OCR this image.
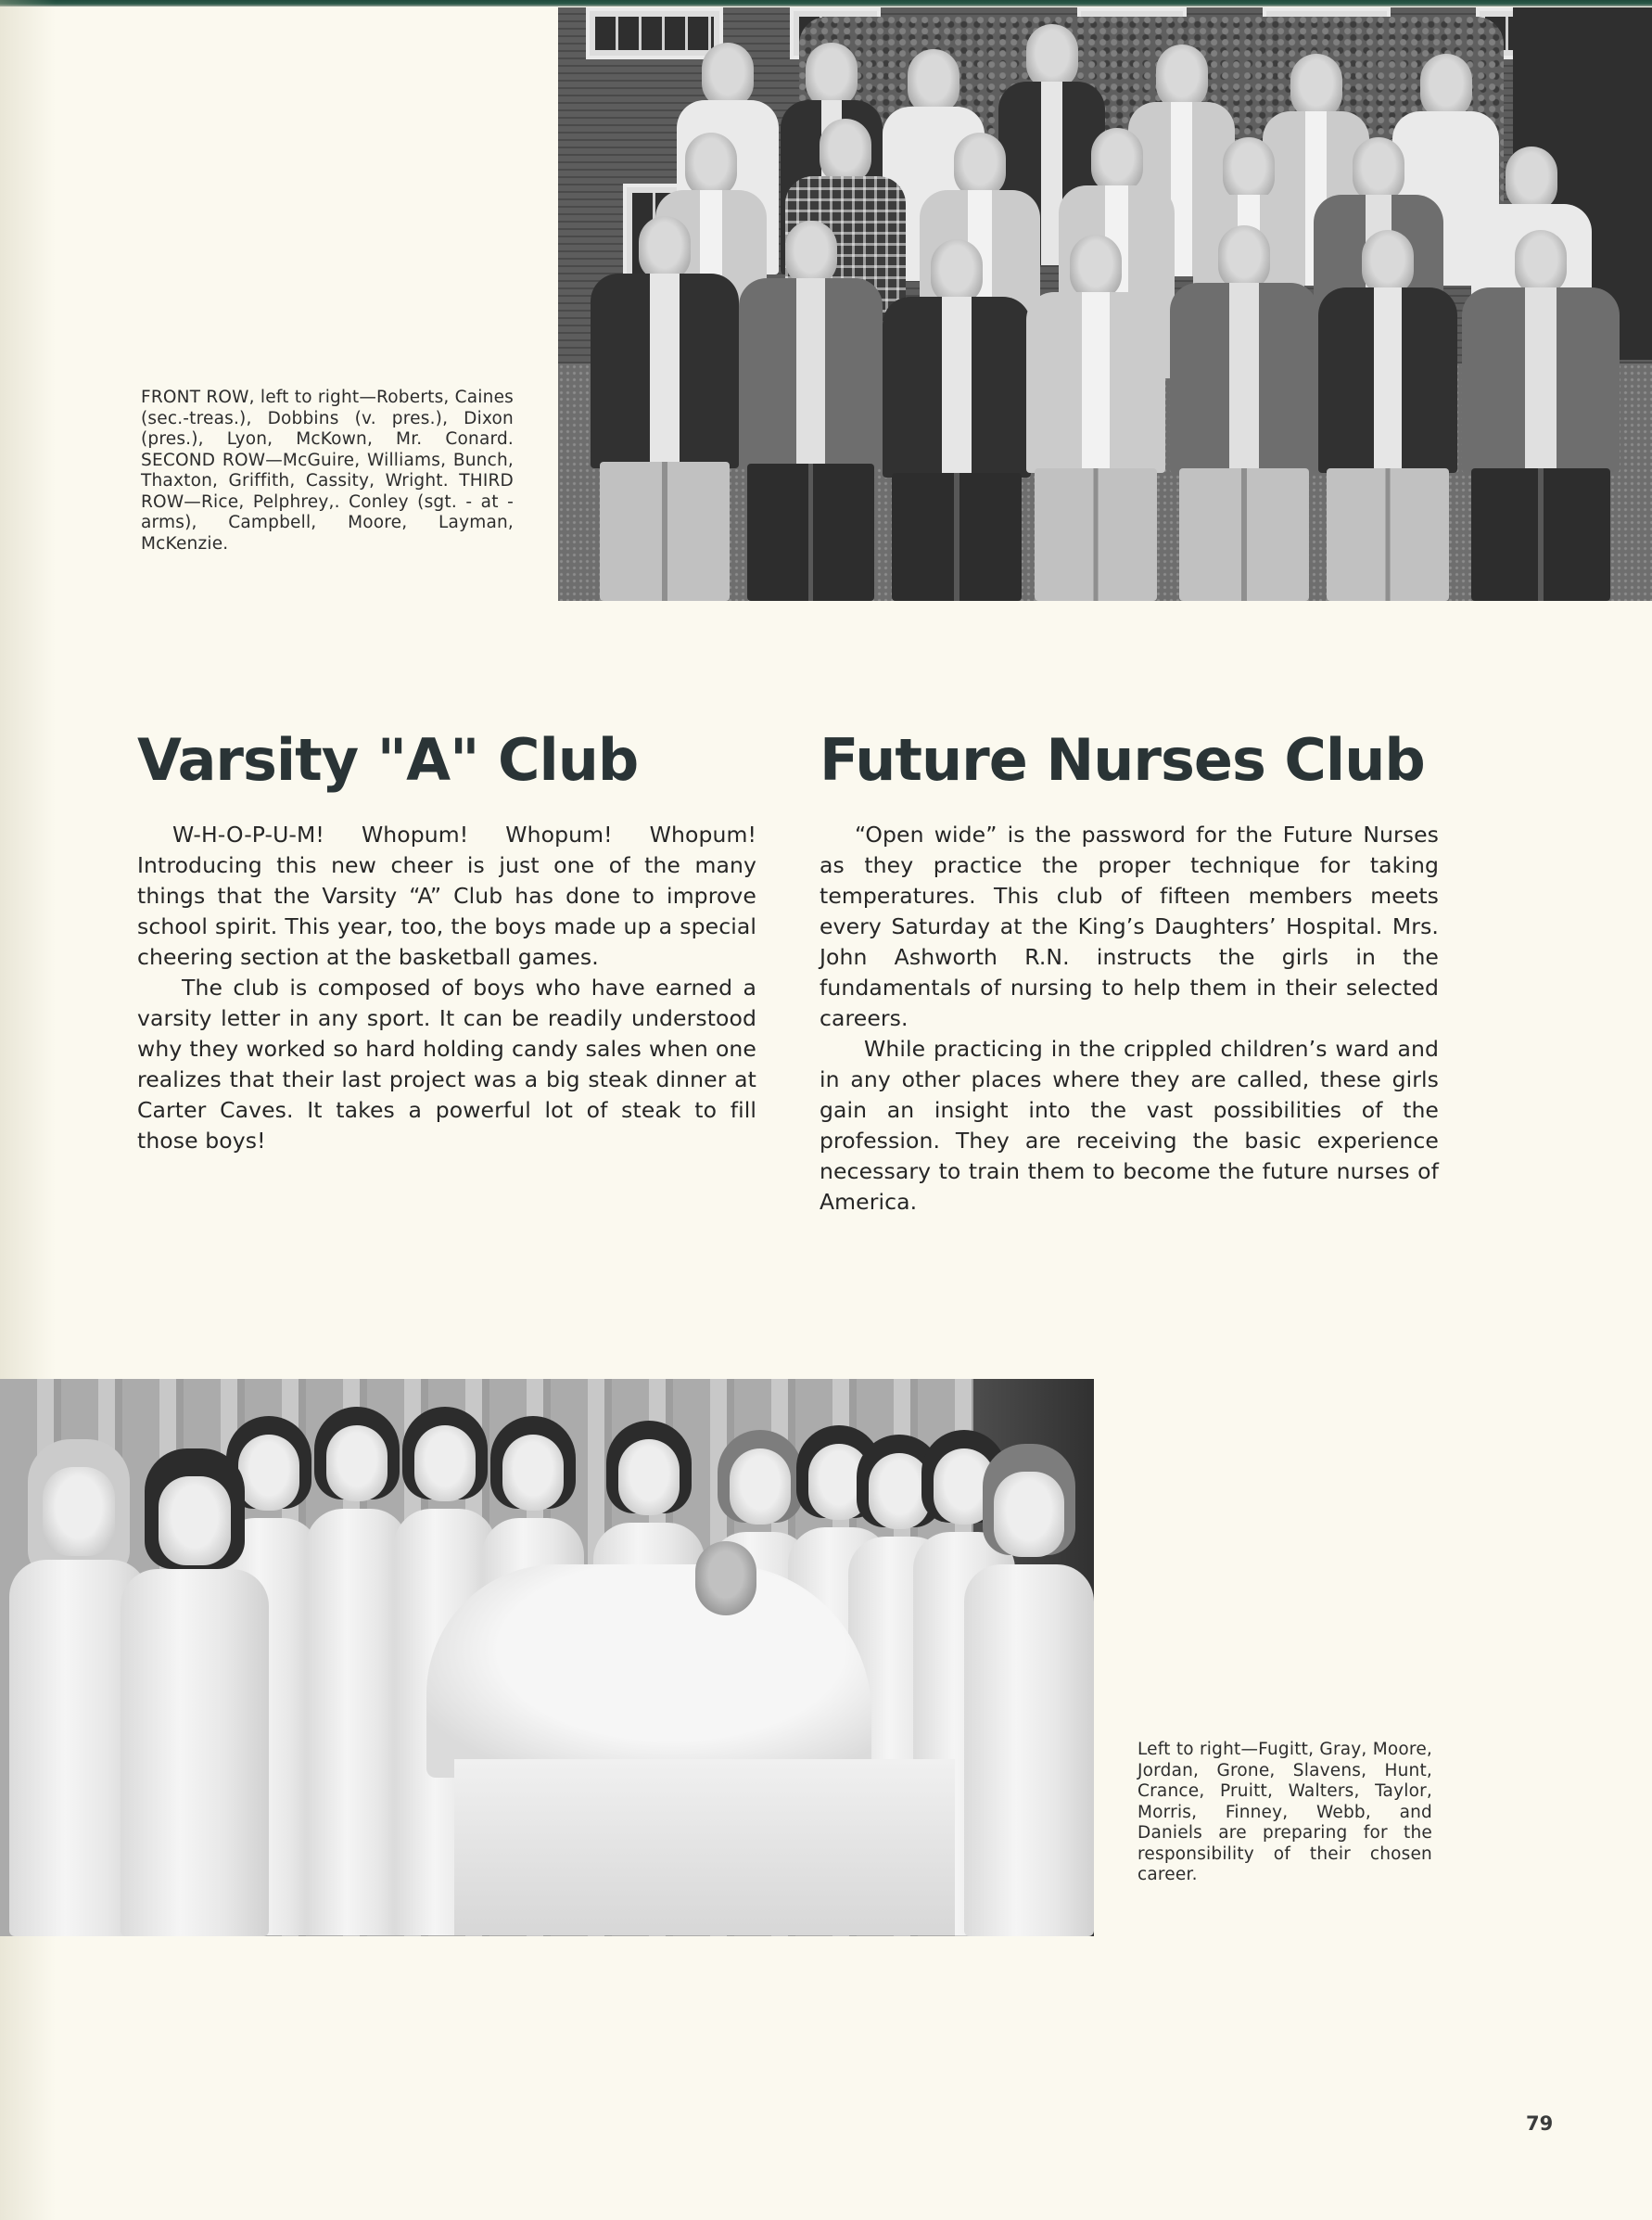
FRONT ROW, left to right—Roberts, Caines (sec.-treas.), Dobbins (v. pres.), Dixon (pres.), Lyon, McKown, Mr. Conard. SECOND ROW—McGuire, Williams, Bunch, Thaxton, Griffith, Cassity, Wright. THIRD ROW—Rice, Pelphrey,. Conley (sgt. - at - arms), Campbell, Moore, Layman, McKenzie.
Varsity "A" Club

W-H-O-P-U-M! Whopum! Whopum! Whopum! Introducing this new cheer is just one of the many things that the Varsity “A” Club has done to improve school spirit. This year, too, the boys made up a special cheering section at the basketball games.

The club is composed of boys who have earned a varsity letter in any sport. It can be readily understood why they worked so hard holding candy sales when one realizes that their last project was a big steak dinner at Carter Caves. It takes a powerful lot of steak to fill those boys!

Future Nurses Club

“Open wide” is the password for the Future Nurses as they practice the proper technique for taking temperatures. This club of fifteen members meets every Saturday at the King’s Daughters’ Hospital. Mrs. John Ashworth R.N. instructs the girls in the fundamentals of nursing to help them in their selected careers.

While practicing in the crippled children’s ward and in any other places where they are called, these girls gain an insight into the vast possibilities of the profession. They are receiving the basic experience necessary to train them to become the future nurses of America.

Left to right—Fugitt, Gray, Moore, Jordan, Grone, Slavens, Hunt, Crance, Pruitt, Walters, Taylor, Morris, Finney, Webb, and Daniels are preparing for the responsibility of their chosen career.
79
